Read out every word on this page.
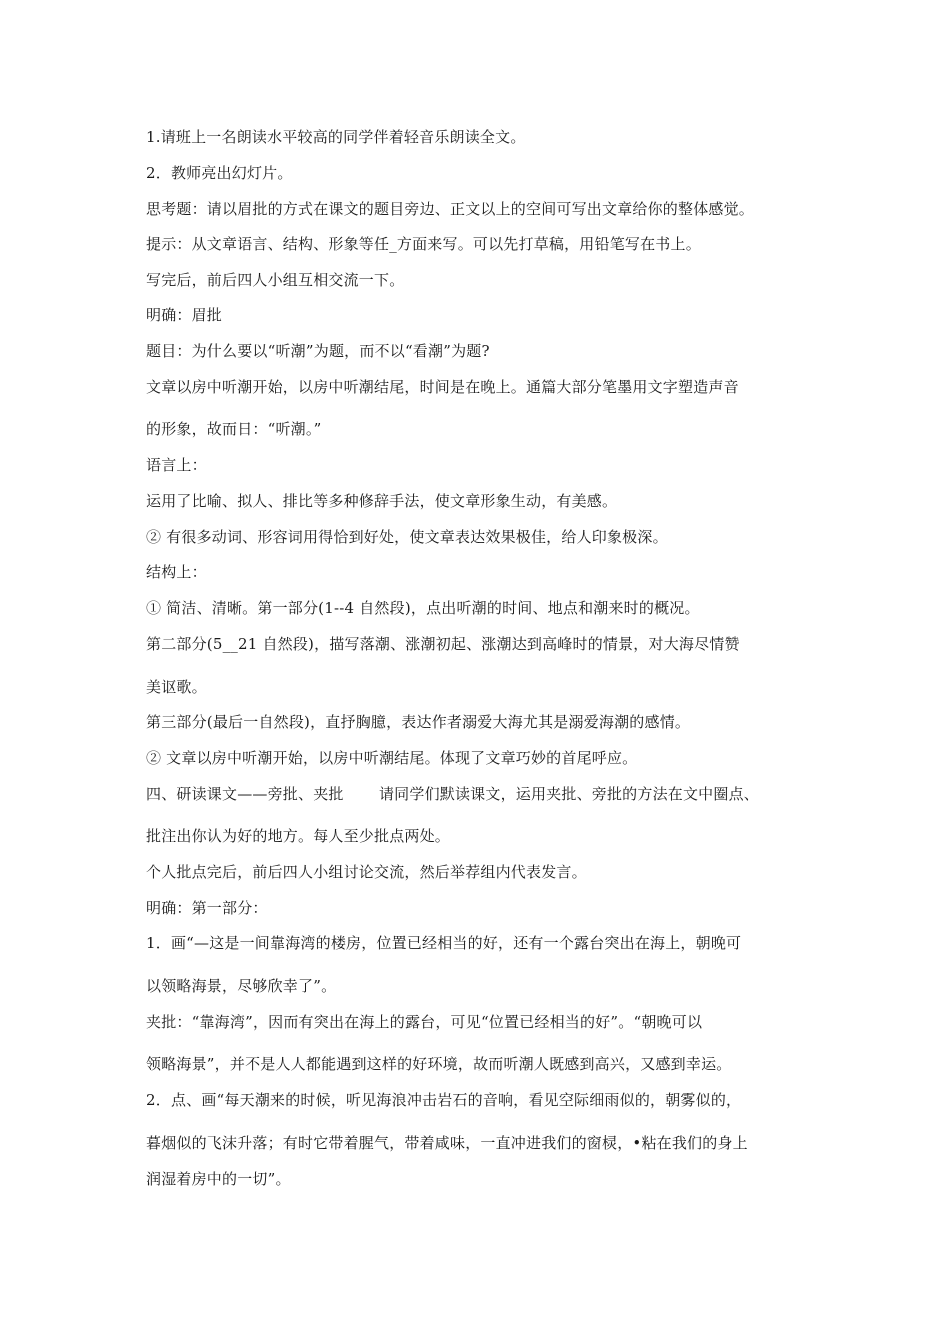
1.请班上一名朗读水平较高的同学伴着轻音乐朗读全文。
2．教师亮出幻灯片。
思考题：请以眉批的方式在课文的题目旁边、正文以上的空间可写出文章给你的整体感觉。
提示：从文章语言、结构、形象等任_方面来写。可以先打草稿，用铅笔写在书上。
写完后，前后四人小组互相交流一下。
明确：眉批
题目：为什么要以“听潮”为题，而不以“看潮”为题?
文章以房中听潮开始，以房中听潮结尾，时间是在晚上。通篇大部分笔墨用文字塑造声音
的形象，故而日：“听潮。”
语言上：
运用了比喻、拟人、排比等多种修辞手法，使文章形象生动，有美感。
② 有很多动词、形容词用得恰到好处，使文章表达效果极佳，给人印象极深。
结构上：
① 简洁、清晰。第一部分(1--4 自然段)，点出听潮的时间、地点和潮来时的概况。
第二部分(5__21 自然段)，描写落潮、涨潮初起、涨潮达到高峰时的情景，对大海尽情赞
美讴歌。
第三部分(最后一自然段)，直抒胸臆，表达作者溺爱大海尤其是溺爱海潮的感情。
② 文章以房中听潮开始，以房中听潮结尾。体现了文章巧妙的首尾呼应。
四、研读课文——旁批、夹批　　 请同学们默读课文，运用夹批、旁批的方法在文中圈点、
批注出你认为好的地方。每人至少批点两处。
个人批点完后，前后四人小组讨论交流，然后举荐组内代表发言。
明确：第一部分：
1．画“—这是一间靠海湾的楼房，位置已经相当的好，还有一个露台突出在海上，朝晚可
以领略海景，尽够欣幸了”。
夹批：“靠海湾”，因而有突出在海上的露台，可见“位置已经相当的好”。“朝晚可以
领略海景”，并不是人人都能遇到这样的好环境，故而听潮人既感到高兴，又感到幸运。
2．点、画“每天潮来的时候，听见海浪冲击岩石的音响，看见空际细雨似的，朝雾似的，
暮烟似的飞沫升落；有时它带着腥气，带着咸味，一直冲进我们的窗棂，•粘在我们的身上
润湿着房中的一切”。
